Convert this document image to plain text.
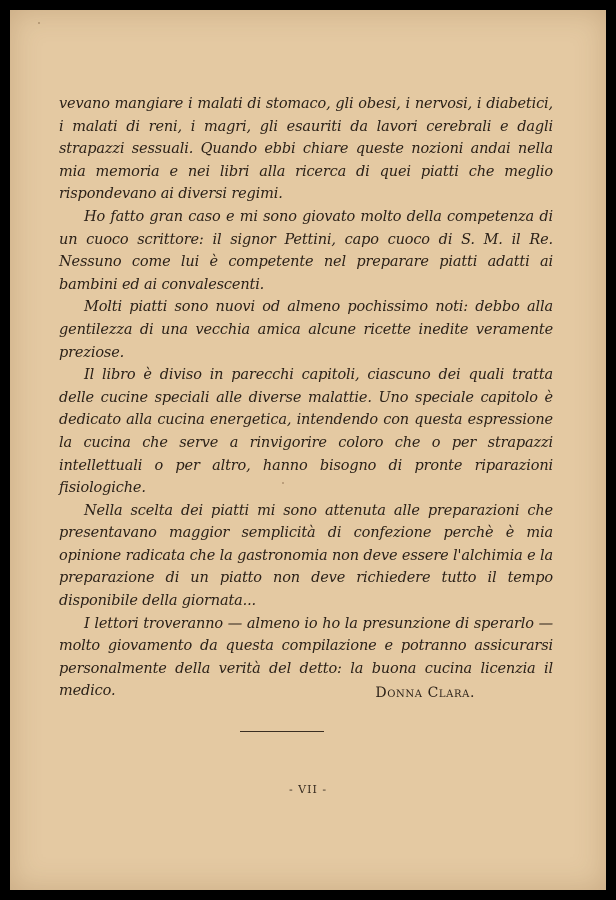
vevano mangiare i malati di stomaco, gli obesi, i nervosi, i diabetici, i malati di reni, i magri, gli esauriti da lavori cerebrali e dagli strapazzi sessuali. Quando ebbi chiare queste nozioni andai nella mia memoria e nei libri alla ricerca di quei piatti che meglio rispondevano ai diversi regimi.

Ho fatto gran caso e mi sono giovato molto della competenza di un cuoco scrittore: il signor Pettini, capo cuoco di S. M. il Re. Nessuno come lui è competente nel preparare piatti adatti ai bambini ed ai convalescenti.

Molti piatti sono nuovi od almeno pochissimo noti: debbo alla gentilezza di una vecchia amica alcune ricette inedite veramente preziose.

Il libro è diviso in parecchi capitoli, ciascuno dei quali tratta delle cucine speciali alle diverse malattie. Uno speciale capitolo è dedicato alla cucina energetica, intendendo con questa espressione la cucina che serve a rinvigorire coloro che o per strapazzi intellettuali o per altro, hanno bisogno di pronte riparazioni fisiologiche.

Nella scelta dei piatti mi sono attenuta alle preparazioni che presentavano maggior semplicità di confezione perchè è mia opinione radicata che la gastronomia non deve essere l'alchimia e la preparazione di un piatto non deve richiedere tutto il tempo disponibile della giornata...

I lettori troveranno — almeno io ho la presunzione di sperarlo — molto giovamento da questa compilazione e potranno assicurarsi personalmente della verità del detto: la buona cucina licenzia il medico.	Donna Clara.
- VII -
